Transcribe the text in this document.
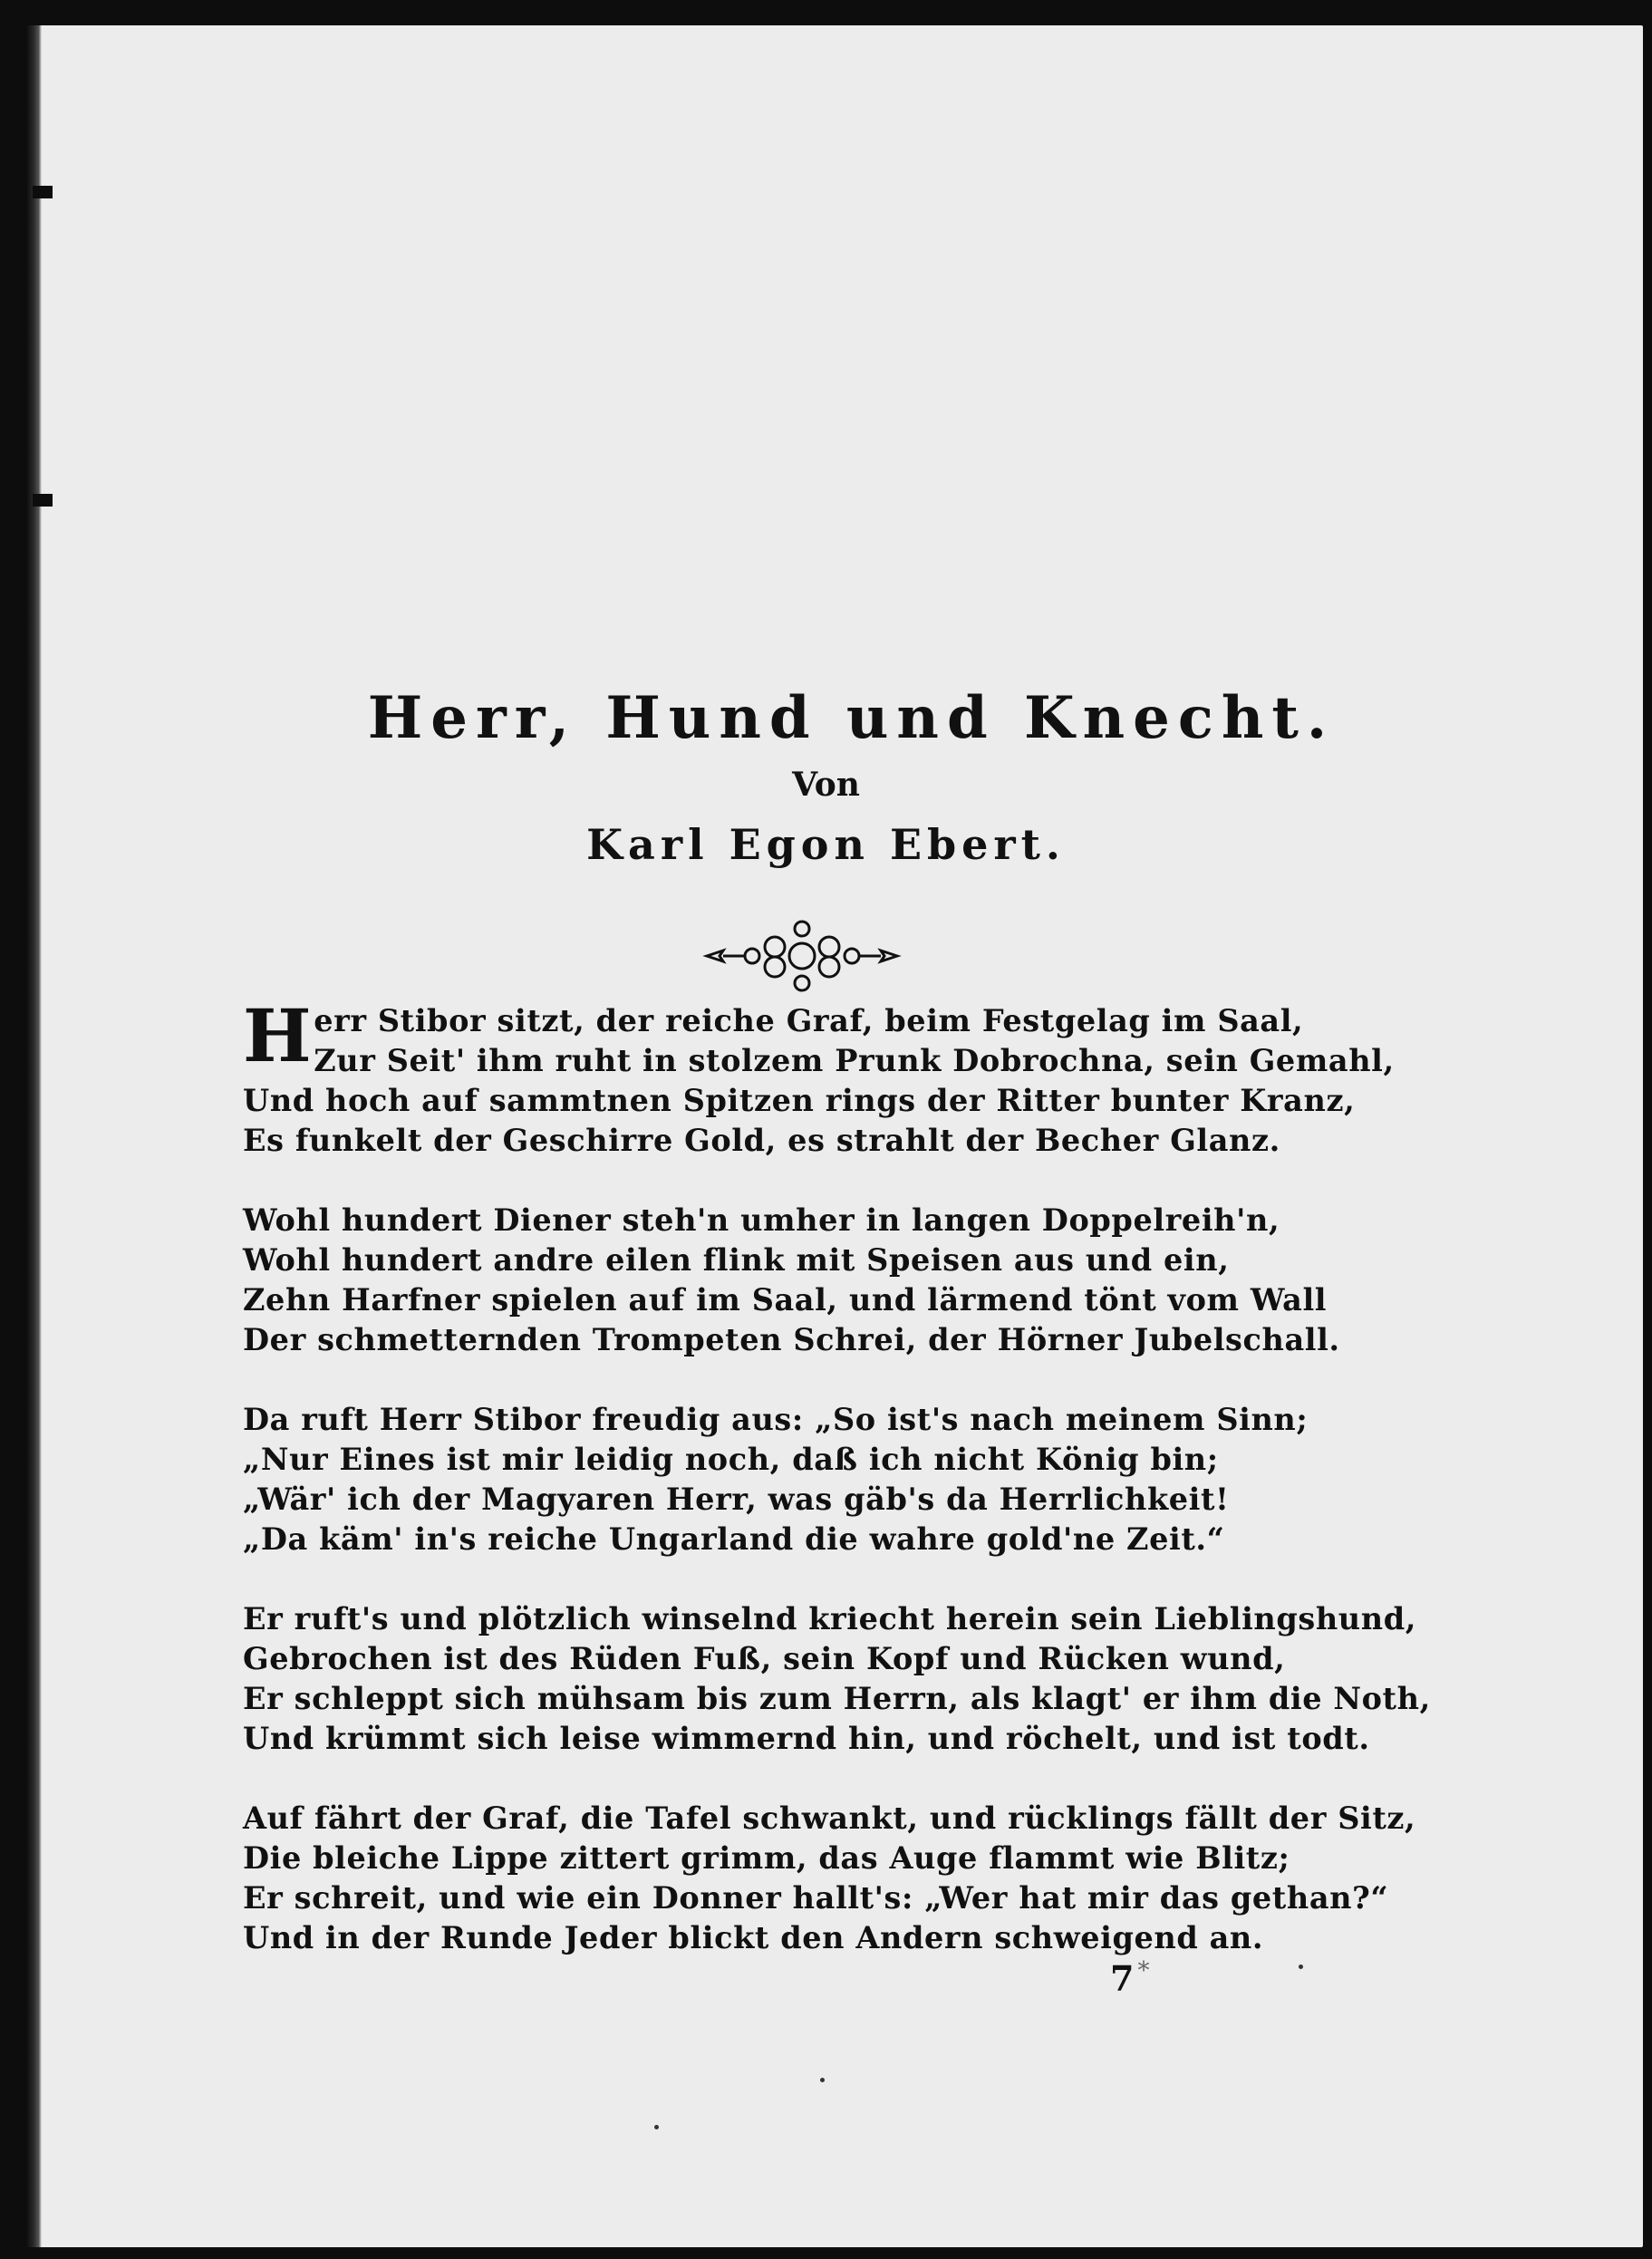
Herr, Hund und Knecht.
Von
Karl Egon Ebert.
H err Stibor sitzt, der reiche Graf, beim Festgelag im Saal,
Zur Seit' ihm ruht in stolzem Prunk Dobrochna, sein Gemahl,
Und hoch auf sammtnen Spitzen rings der Ritter bunter Kranz,
Es funkelt der Geschirre Gold, es strahlt der Becher Glanz.
Wohl hundert Diener steh'n umher in langen Doppelreih'n,
Wohl hundert andre eilen flink mit Speisen aus und ein,
Zehn Harfner spielen auf im Saal, und lärmend tönt vom Wall
Der schmetternden Trompeten Schrei, der Hörner Jubelschall.
Da ruft Herr Stibor freudig aus: „So ist's nach meinem Sinn;
„Nur Eines ist mir leidig noch, daß ich nicht König bin;
„Wär' ich der Magyaren Herr, was gäb's da Herrlichkeit!
„Da käm' in's reiche Ungarland die wahre gold'ne Zeit.“
Er ruft's und plötzlich winselnd kriecht herein sein Lieblingshund,
Gebrochen ist des Rüden Fuß, sein Kopf und Rücken wund,
Er schleppt sich mühsam bis zum Herrn, als klagt' er ihm die Noth,
Und krümmt sich leise wimmernd hin, und röchelt, und ist todt.
Auf fährt der Graf, die Tafel schwankt, und rücklings fällt der Sitz,
Die bleiche Lippe zittert grimm, das Auge flammt wie Blitz;
Er schreit, und wie ein Donner hallt's: „Wer hat mir das gethan?“
Und in der Runde Jeder blickt den Andern schweigend an.
7 *
